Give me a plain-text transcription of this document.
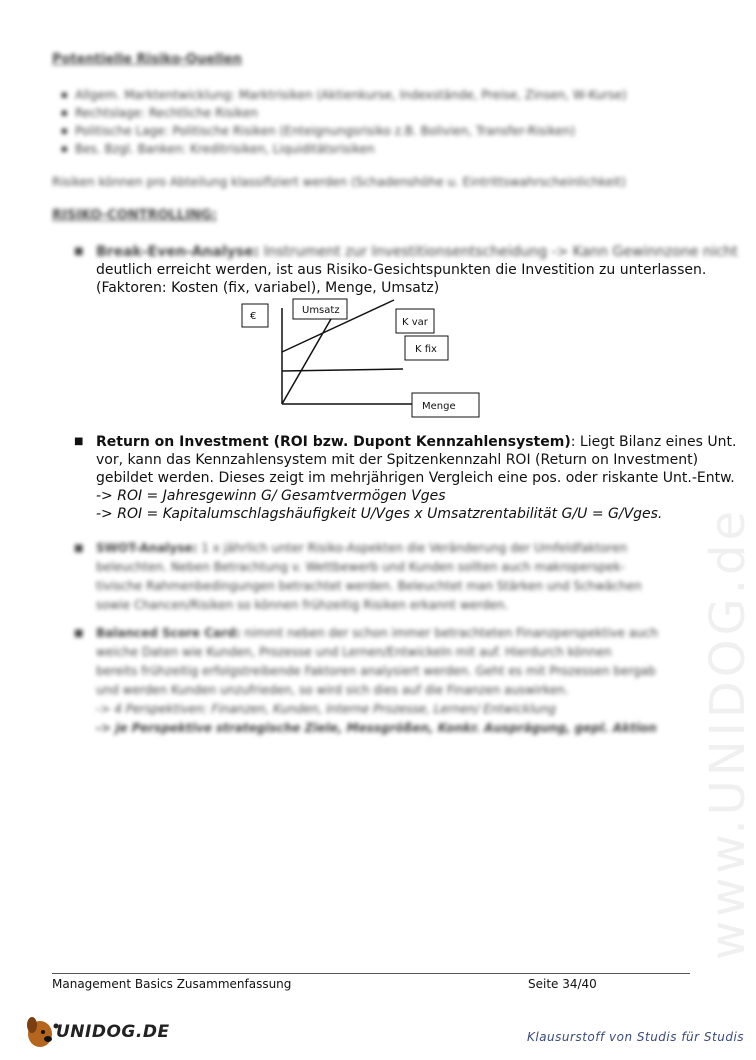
www.UNIDOG.de
Potentielle Risiko-Quellen
■ Allgem. Marktentwicklung: Marktrisiken (Aktienkurse, Indexstände, Preise, Zinsen, W-Kurse)
■ Rechtslage: Rechtliche Risiken
■ Politische Lage: Politische Risiken (Enteignungsrisiko z.B. Bolivien, Transfer-Risiken)
■ Bes. Bzgl. Banken: Kreditrisiken, Liquiditätsrisiken
Risiken können pro Abteilung klassifiziert werden (Schadenshöhe u. Eintrittswahrscheinlichkeit)
RISIKO-CONTROLLING:
■ Break-Even-Analyse: Instrument zur Investitionsentscheidung -> Kann Gewinnzone nicht
deutlich erreicht werden, ist aus Risiko-Gesichtspunkten die Investition zu unterlassen.
(Faktoren: Kosten (fix, variabel), Menge, Umsatz)
€
Umsatz
K var
K fix
Menge
■ Return on Investment (ROI bzw. Dupont Kennzahlensystem): Liegt Bilanz eines Unt.
vor, kann das Kennzahlensystem mit der Spitzenkennzahl ROI (Return on Investment)
gebildet werden. Dieses zeigt im mehrjährigen Vergleich eine pos. oder riskante Unt.-Entw.
-> ROI = Jahresgewinn G/ Gesamtvermögen Vges
-> ROI = Kapitalumschlagshäufigkeit U/Vges x Umsatzrentabilität G/U = G/Vges.
■ SWOT-Analyse: 1 x jährlich unter Risiko-Aspekten die Veränderung der Umfeldfaktoren
beleuchten. Neben Betrachtung v. Wettbewerb und Kunden sollten auch makroperspek-
tivische Rahmenbedingungen betrachtet werden. Beleuchtet man Stärken und Schwächen
sowie Chancen/Risiken so können frühzeitig Risiken erkannt werden.
■ Balanced Score Card: nimmt neben der schon immer betrachteten Finanzperspektive auch
weiche Daten wie Kunden, Prozesse und Lernen/Entwickeln mit auf. Hierdurch können
bereits frühzeitig erfolgstreibende Faktoren analysiert werden. Geht es mit Prozessen bergab
und werden Kunden unzufrieden, so wird sich dies auf die Finanzen auswirken.
-> 4 Perspektiven: Finanzen, Kunden, Interne Prozesse, Lernen/ Entwicklung
-> je Perspektive strategische Ziele, Messgrößen, Konkr. Ausprägung, gepl. Aktion
Management Basics Zusammenfassung	Seite 34/40
UNIDOG.DE	Klausurstoff von Studis für Studis
